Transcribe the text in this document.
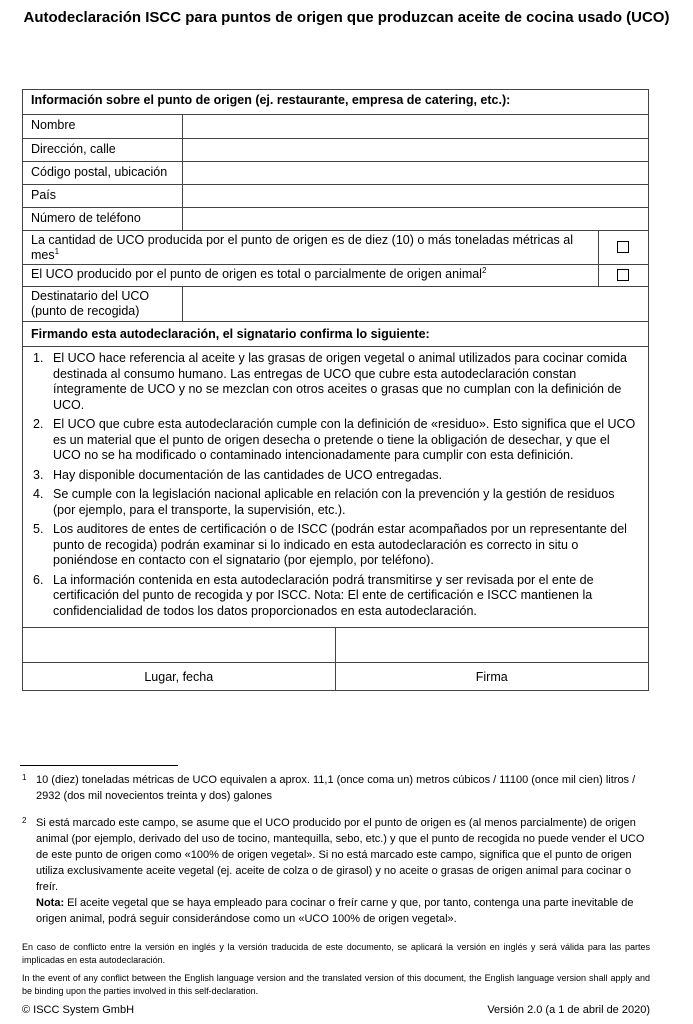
Autodeclaración ISCC para puntos de origen que produzcan aceite de cocina usado (UCO)
Información sobre el punto de origen (ej. restaurante, empresa de catering, etc.):
Nombre
Dirección, calle
Código postal, ubicación
País
Número de teléfono
La cantidad de UCO producida por el punto de origen es de diez (10) o más toneladas métricas al mes$^1$
El UCO producido por el punto de origen es total o parcialmente de origen animal$^2$
Destinatario del UCO
(punto de recogida)
Firmando esta autodeclaración, el signatario confirma lo siguiente:
1. El UCO hace referencia al aceite y las grasas de origen vegetal o animal utilizados para cocinar comida destinada al consumo humano. Las entregas de UCO que cubre esta autodeclaración constan íntegramente de UCO y no se mezclan con otros aceites o grasas que no cumplan con la definición de UCO.
2. El UCO que cubre esta autodeclaración cumple con la definición de «residuo». Esto significa que el UCO es un material que el punto de origen desecha o pretende o tiene la obligación de desechar, y que el UCO no se ha modificado o contaminado intencionadamente para cumplir con esta definición.
3. Hay disponible documentación de las cantidades de UCO entregadas.
4. Se cumple con la legislación nacional aplicable en relación con la prevención y la gestión de residuos (por ejemplo, para el transporte, la supervisión, etc.).
5. Los auditores de entes de certificación o de ISCC (podrán estar acompañados por un representante del punto de recogida) podrán examinar si lo indicado en esta autodeclaración es correcto in situ o poniéndose en contacto con el signatario (por ejemplo, por teléfono).
6. La información contenida en esta autodeclaración podrá transmitirse y ser revisada por el ente de certificación del punto de recogida y por ISCC. Nota: El ente de certificación e ISCC mantienen la confidencialidad de todos los datos proporcionados en esta autodeclaración.
Lugar, fecha	Firma
1 10 (diez) toneladas métricas de UCO equivalen a aprox. 11,1 (once coma un) metros cúbicos / 11100 (once mil cien) litros / 2932 (dos mil novecientos treinta y dos) galones
2 Si está marcado este campo, se asume que el UCO producido por el punto de origen es (al menos parcialmente) de origen animal (por ejemplo, derivado del uso de tocino, mantequilla, sebo, etc.) y que el punto de recogida no puede vender el UCO de este punto de origen como «100% de origen vegetal». Si no está marcado este campo, significa que el punto de origen utiliza exclusivamente aceite vegetal (ej. aceite de colza o de girasol) y no aceite o grasas de origen animal para cocinar o freír.
Nota: El aceite vegetal que se haya empleado para cocinar o freír carne y que, por tanto, contenga una parte inevitable de origen animal, podrá seguir considerándose como un «UCO 100% de origen vegetal».
En caso de conflicto entre la versión en inglés y la versión traducida de este documento, se aplicará la versión en inglés y será válida para las partes implicadas en esta autodeclaración.
In the event of any conflict between the English language version and the translated version of this document, the English language version shall apply and be binding upon the parties involved in this self-declaration.
© ISCC System GmbH	Versión 2.0 (a 1 de abril de 2020)
